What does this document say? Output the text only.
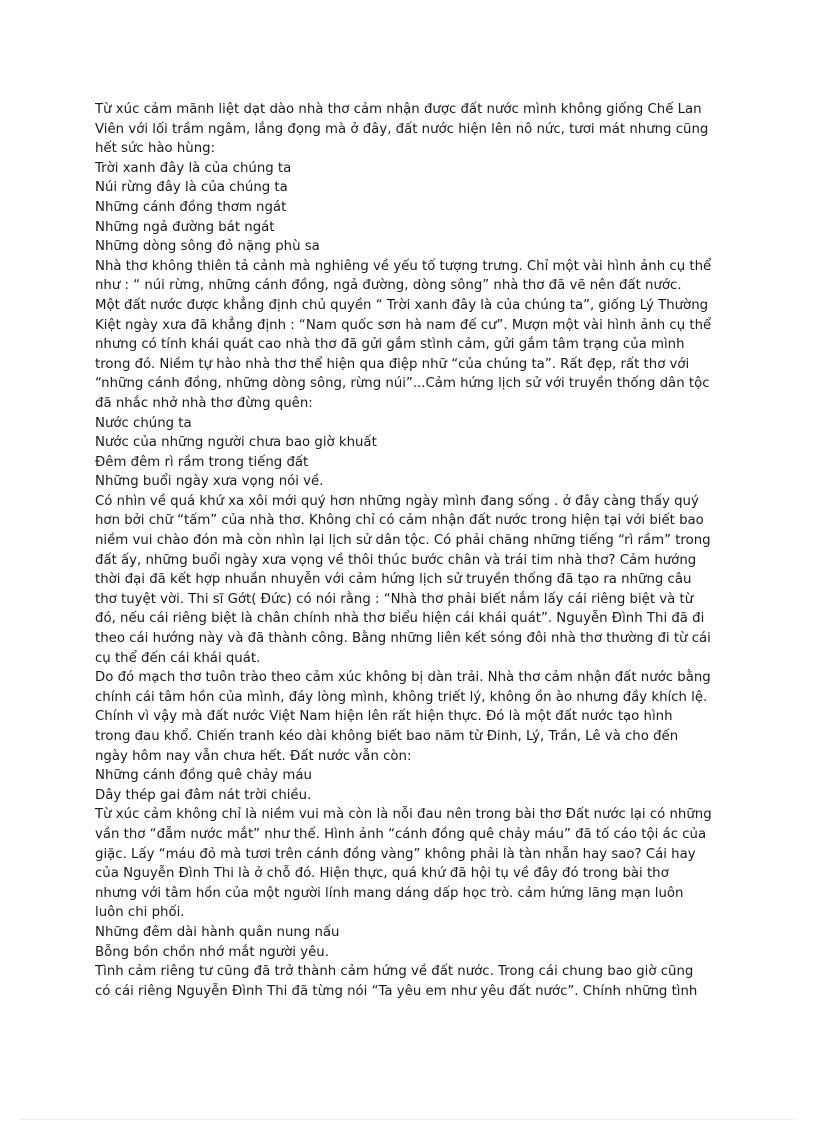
Từ xúc cảm mãnh liệt dạt dào nhà thơ cảm nhận được đất nước mình không giống Chế Lan
Viên với lối trầm ngâm, lắng đọng mà ở đây, đất nước hiện lên nô nức, tươi mát nhưng cũng
hết sức hào hùng:
Trời xanh đây là của chúng ta
Núi rừng đây là của chúng ta
Những cánh đồng thơm ngát
Những ngả đường bát ngát
Những dòng sông đỏ nặng phù sa
Nhà thơ không thiên tả cảnh mà nghiêng về yếu tố tượng trưng. Chỉ một vài hình ảnh cụ thể
như : “ núi rừng, những cánh đồng, ngả đường, dòng sông” nhà thơ đã vẽ nên đất nước.
Một đất nước được khẳng định chủ quyền “ Trời xanh đây là của chúng ta”, giống Lý Thường
Kiệt ngày xưa đã khẳng định : “Nam quốc sơn hà nam đế cư”. Mượn một vài hình ảnh cụ thể
nhưng có tính khái quát cao nhà thơ đã gửi gắm stình cảm, gửi gắm tâm trạng của mình
trong đó. Niềm tự hào nhà thơ thể hiện qua điệp nhữ “của chúng ta”. Rất đẹp, rất thơ với
“những cánh đồng, những dòng sông, rừng núi”...Cảm hứng lịch sử với truyền thống dân tộc
đã nhắc nhở nhà thơ đừng quên:
Nước chúng ta
Nước của những người chưa bao giờ khuất
Đêm đêm rì rầm trong tiếng đất
Những buổi ngày xưa vọng nói về.
Có nhìn về quá khứ xa xôi mới quý hơn những ngày mình đang sống . ở đây càng thấy quý
hơn bởi chữ “tấm” của nhà thơ. Không chỉ có cảm nhận đất nước trong hiện tại với biết bao
niềm vui chào đón mà còn nhìn lại lịch sử dân tộc. Có phải chăng những tiếng “rì rầm” trong
đất ấy, những buổi ngày xưa vọng về thôi thúc bước chân và trái tim nhà thơ? Cảm hướng
thời đại đã kết hợp nhuần nhuyễn với cảm hứng lịch sử truyền thống đã tạo ra những câu
thơ tuyệt vời. Thi sĩ Gớt( Đức) có nói rằng : “Nhà thơ phải biết nắm lấy cái riêng biệt và từ
đó, nếu cái riêng biệt là chân chính nhà thơ biểu hiện cái khái quát”. Nguyễn Đình Thi đã đi
theo cái hướng này và đã thành công. Bằng những liên kết sóng đôi nhà thơ thường đi từ cái
cụ thể đến cái khái quát.
Do đó mạch thơ tuôn trào theo cảm xúc không bị dàn trải. Nhà thơ cảm nhận đất nước bằng
chính cái tâm hồn của mình, đáy lòng mình, không triết lý, không ồn ào nhưng đầy khích lệ.
Chính vì vậy mà đất nước Việt Nam hiện lên rất hiện thực. Đó là một đất nước tạo hình
trong đau khổ. Chiến tranh kéo dài không biết bao năm từ Đinh, Lý, Trần, Lê và cho đến
ngày hôm nay vẫn chưa hết. Đất nước vẫn còn:
Những cánh đồng quê chảy máu
Dây thép gai đâm nát trời chiều.
Từ xúc cảm không chỉ là niềm vui mà còn là nỗi đau nên trong bài thơ Đất nước lại có những
vần thơ “đẫm nước mắt” như thế. Hình ảnh “cánh đồng quê chảy máu” đã tố cáo tội ác của
giặc. Lấy “máu đỏ mà tươi trên cánh đồng vàng” không phải là tàn nhẫn hay sao? Cái hay
của Nguyễn Đình Thi là ở chỗ đó. Hiện thực, quá khứ đã hội tụ về đây đó trong bài thơ
nhưng với tâm hồn của một người lính mang dáng dấp học trò. cảm hứng lãng mạn luôn
luôn chi phối.
Những đêm dài hành quân nung nấu
Bỗng bồn chồn nhớ mắt người yêu.
Tình cảm riêng tư cũng đã trở thành cảm hứng về đất nước. Trong cái chung bao giờ cũng
có cái riêng Nguyễn Đình Thi đã từng nói “Ta yêu em như yêu đất nước”. Chính những tình
